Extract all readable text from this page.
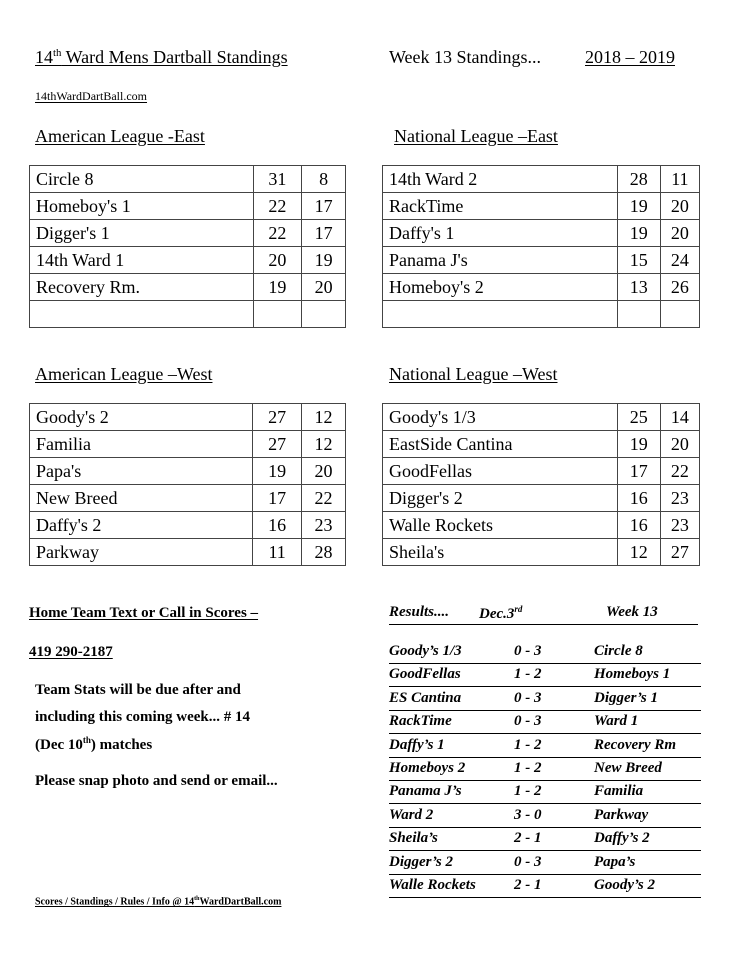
14th Ward Mens Dartball Standings	Week 13 Standings... 2018 – 2019
14thWardDartBall.com
American League -East	National League –East
American League –West	National League –West
Circle 8	31	8
Homeboy's 1	22	17
Digger's 1	22	17
14th Ward 1	20	19
Recovery Rm.	19	20

14th Ward 2	28	11
RackTime	19	20
Daffy's 1	19	20
Panama J's	15	24
Homeboy's 2	13	26

Goody's 2	27	12
Familia	27	12
Papa's	19	20
New Breed	17	22
Daffy's 2	16	23
Parkway	11	28
Goody's 1/3	25	14
EastSide Cantina	19	20
GoodFellas	17	22
Digger's 2	16	23
Walle Rockets	16	23
Sheila's	12	27
Home Team Text or Call in Scores –
419 290-2187
Team Stats will be due after and
including this coming week... # 14
(Dec 10th) matches
Please snap photo and send or email...
Scores / Standings / Rules / Info @ 14thWardDartBall.com
Results.... Dec.3rd	Week 13
Goody’s 1/3	0 - 3	Circle 8
GoodFellas	1 - 2	Homeboys 1
ES Cantina	0 - 3	Digger’s 1
RackTime	0 - 3	Ward 1
Daffy’s 1	1 - 2	Recovery Rm
Homeboys 2	1 - 2	New Breed
Panama J’s	1 - 2	Familia
Ward 2	3 - 0	Parkway
Sheila’s	2 - 1	Daffy’s 2
Digger’s 2	0 - 3	Papa’s
Walle Rockets	2 - 1	Goody’s 2
